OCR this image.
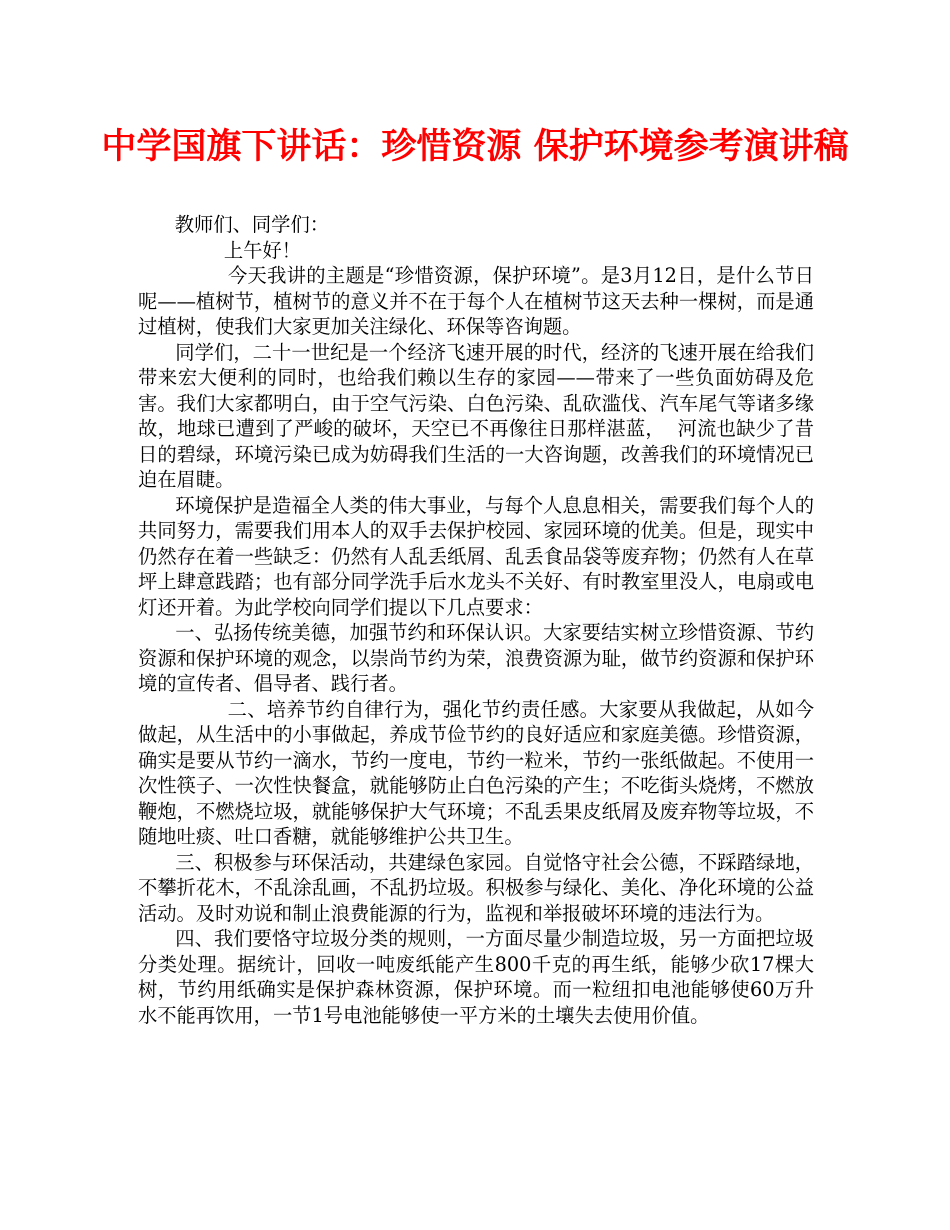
中学国旗下讲话：珍惜资源 保护环境参考演讲稿

教师们、同学们：

上午好！

今天我讲的主题是“珍惜资源，保护环境”。是3月12日，是什么节日呢——植树节，植树节的意义并不在于每个人在植树节这天去种一棵树，而是通过植树，使我们大家更加关注绿化、环保等咨询题。

同学们，二十一世纪是一个经济飞速开展的时代，经济的飞速开展在给我们带来宏大便利的同时，也给我们赖以生存的家园——带来了一些负面妨碍及危害。我们大家都明白，由于空气污染、白色污染、乱砍滥伐、汽车尾气等诸多缘故，地球已遭到了严峻的破坏，天空已不再像往日那样湛蓝，  河流也缺少了昔日的碧绿，环境污染已成为妨碍我们生活的一大咨询题，改善我们的环境情况已迫在眉睫。

环境保护是造福全人类的伟大事业，与每个人息息相关，需要我们每个人的共同努力，需要我们用本人的双手去保护校园、家园环境的优美。但是，现实中仍然存在着一些缺乏：仍然有人乱丢纸屑、乱丢食品袋等废弃物；仍然有人在草坪上肆意践踏；也有部分同学洗手后水龙头不关好、有时教室里没人，电扇或电灯还开着。为此学校向同学们提以下几点要求：

一、弘扬传统美德，加强节约和环保认识。大家要结实树立珍惜资源、节约资源和保护环境的观念，以崇尚节约为荣，浪费资源为耻，做节约资源和保护环境的宣传者、倡导者、践行者。

二、培养节约自律行为，强化节约责任感。大家要从我做起，从如今做起，从生活中的小事做起，养成节俭节约的良好适应和家庭美德。珍惜资源，确实是要从节约一滴水，节约一度电，节约一粒米，节约一张纸做起。不使用一次性筷子、一次性快餐盒，就能够防止白色污染的产生；不吃街头烧烤，不燃放鞭炮，不燃烧垃圾，就能够保护大气环境；不乱丢果皮纸屑及废弃物等垃圾，不随地吐痰、吐口香糖，就能够维护公共卫生。

三、积极参与环保活动，共建绿色家园。自觉恪守社会公德，不踩踏绿地，不攀折花木，不乱涂乱画，不乱扔垃圾。积极参与绿化、美化、净化环境的公益活动。及时劝说和制止浪费能源的行为，监视和举报破坏环境的违法行为。

四、我们要恪守垃圾分类的规则，一方面尽量少制造垃圾，另一方面把垃圾分类处理。据统计，回收一吨废纸能产生800千克的再生纸，能够少砍17棵大树，节约用纸确实是保护森林资源，保护环境。而一粒纽扣电池能够使60万升水不能再饮用，一节1号电池能够使一平方米的土壤失去使用价值。
